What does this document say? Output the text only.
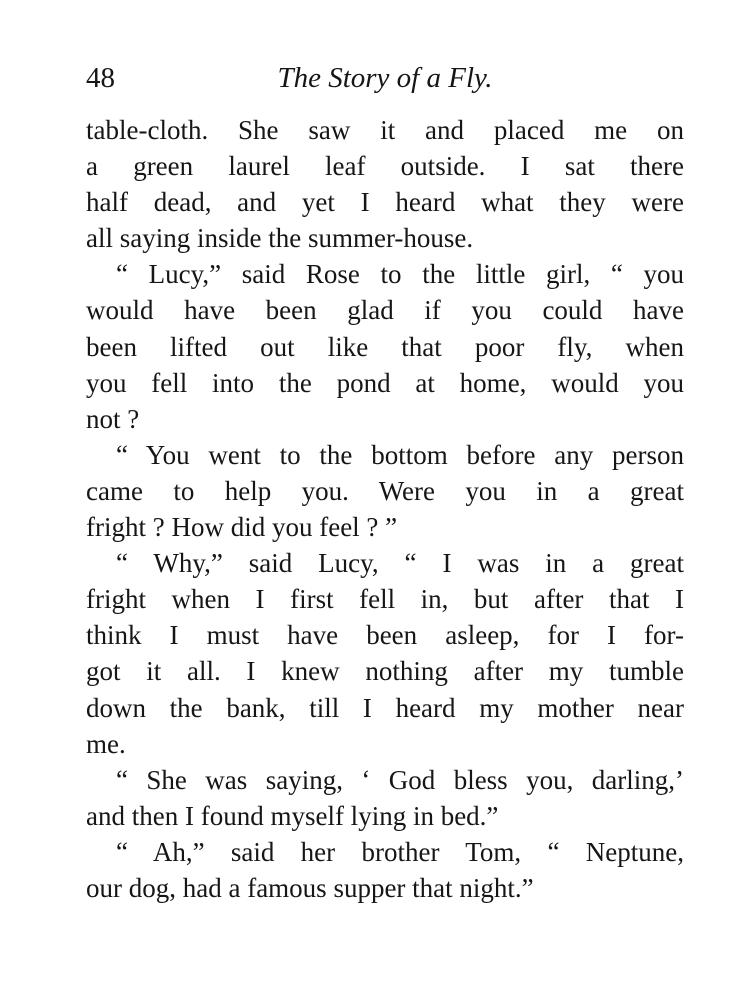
48	The Story of a Fly.
table-cloth. She saw it and placed me on
a green laurel leaf outside. I sat there
half dead, and yet I heard what they were
all saying inside the summer-house.
“ Lucy,” said Rose to the little girl, “ you
would have been glad if you could have
been lifted out like that poor fly, when
you fell into the pond at home, would you
not ?
“ You went to the bottom before any person
came to help you. Were you in a great
fright ? How did you feel ? ”
“ Why,” said Lucy, “ I was in a great
fright when I first fell in, but after that I
think I must have been asleep, for I for-
got it all. I knew nothing after my tumble
down the bank, till I heard my mother near
me.
“ She was saying, ‘ God bless you, darling,’
and then I found myself lying in bed.”
“ Ah,” said her brother Tom, “ Neptune,
our dog, had a famous supper that night.”
